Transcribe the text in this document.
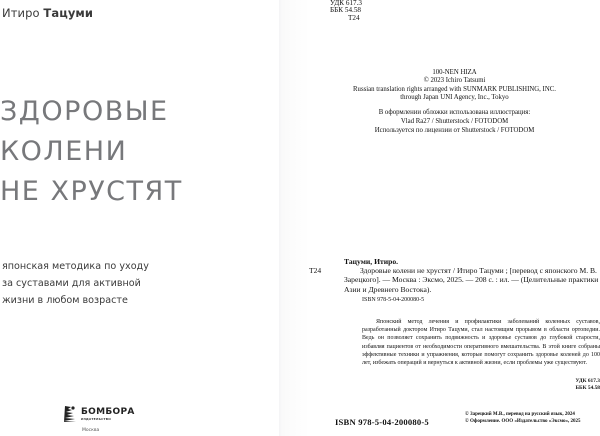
Итиро Тацуми
ЗДОРОВЫЕ
КОЛЕНИ
НЕ ХРУСТЯТ
японская методика по уходу
за суставами для активной
жизни в любом возрасте
БОМБОРА
ИЗДАТЕЛЬСТВО
Москва
УДК 617.3
ББК 54.58
Т24
100-NEN HIZA
© 2023 Ichiro Tatsumi
Russian translation rights arranged with SUNMARK PUBLISHING, INC.
through Japan UNI Agency, Inc., Tokyo
В оформлении обложки использована иллюстрация:
Vlad Ra27 / Shutterstock / FOTODOM
Используется по лицензии от Shutterstock / FOTODOM
Тацуми, Итиро.
Т24	Здоровые колени не хрустят / Итиро Тацуми ; [перевод с японского М. В. Зарецкого]. — Москва : Эксмо, 2025. — 208 с. : ил. — (Целительные практики Азии и Древнего Востока).
ISBN 978-5-04-200080-5

Японский метод лечения и профилактики заболеваний коленных суставов, разработанный доктором Итиро Тацуми, стал настоящим прорывом в области ортопедии. Ведь он позволяет сохранить подвижность и здоровье суставов до глубокой старости, избавляя пациентов от необходимости оперативного вмешательства. В этой книге собраны эффективные техники и упражнения, которые помогут сохранить здоровье коленей до 100 лет, избежать операций и вернуться к активной жизни, если проблемы уже существуют.

УДК 617.3
ББК 54.58
ISBN 978-5-04-200080-5
© Зарецкий М.В., перевод на русский язык, 2024
© Оформление. ООО «Издательство «Эксмо», 2025
